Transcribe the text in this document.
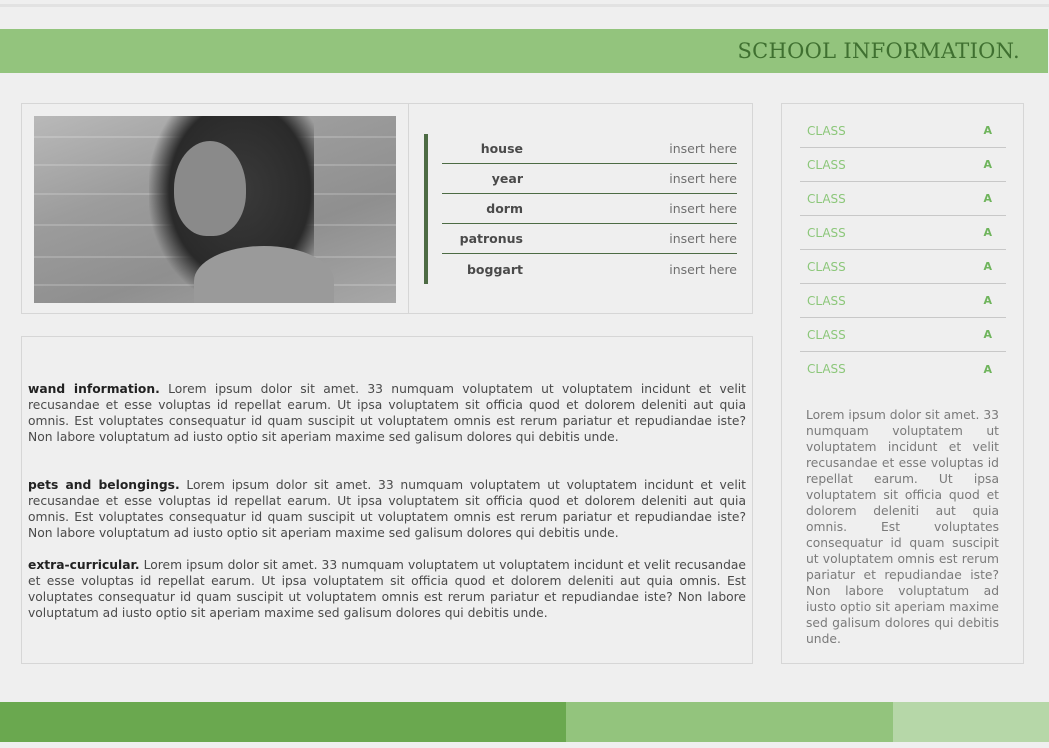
SCHOOL INFORMATION.
house	insert here
year	insert here
dorm	insert here
patronus	insert here
boggart	insert here

wand information. Lorem ipsum dolor sit amet. 33 numquam voluptatem ut voluptatem incidunt et velit recusandae et esse voluptas id repellat earum. Ut ipsa voluptatem sit officia quod et dolorem deleniti aut quia omnis. Est voluptates consequatur id quam suscipit ut voluptatem omnis est rerum pariatur et repudiandae iste? Non labore voluptatum ad iusto optio sit aperiam maxime sed galisum dolores qui debitis unde.

pets and belongings. Lorem ipsum dolor sit amet. 33 numquam voluptatem ut voluptatem incidunt et velit recusandae et esse voluptas id repellat earum. Ut ipsa voluptatem sit officia quod et dolorem deleniti aut quia omnis. Est voluptates consequatur id quam suscipit ut voluptatem omnis est rerum pariatur et repudiandae iste? Non labore voluptatum ad iusto optio sit aperiam maxime sed galisum dolores qui debitis unde.

extra-curricular. Lorem ipsum dolor sit amet. 33 numquam voluptatem ut voluptatem incidunt et velit recusandae et esse voluptas id repellat earum. Ut ipsa voluptatem sit officia quod et dolorem deleniti aut quia omnis. Est voluptates consequatur id quam suscipit ut voluptatem omnis est rerum pariatur et repudiandae iste? Non labore voluptatum ad iusto optio sit aperiam maxime sed galisum dolores qui debitis unde.

CLASS	A
CLASS	A
CLASS	A
CLASS	A
CLASS	A
CLASS	A
CLASS	A
CLASS	A

Lorem ipsum dolor sit amet. 33 numquam voluptatem ut voluptatem incidunt et velit recusandae et esse voluptas id repellat earum. Ut ipsa voluptatem sit officia quod et dolorem deleniti aut quia omnis. Est voluptates consequatur id quam suscipit ut voluptatem omnis est rerum pariatur et repudiandae iste? Non labore voluptatum ad iusto optio sit aperiam maxime sed galisum dolores qui debitis unde.
